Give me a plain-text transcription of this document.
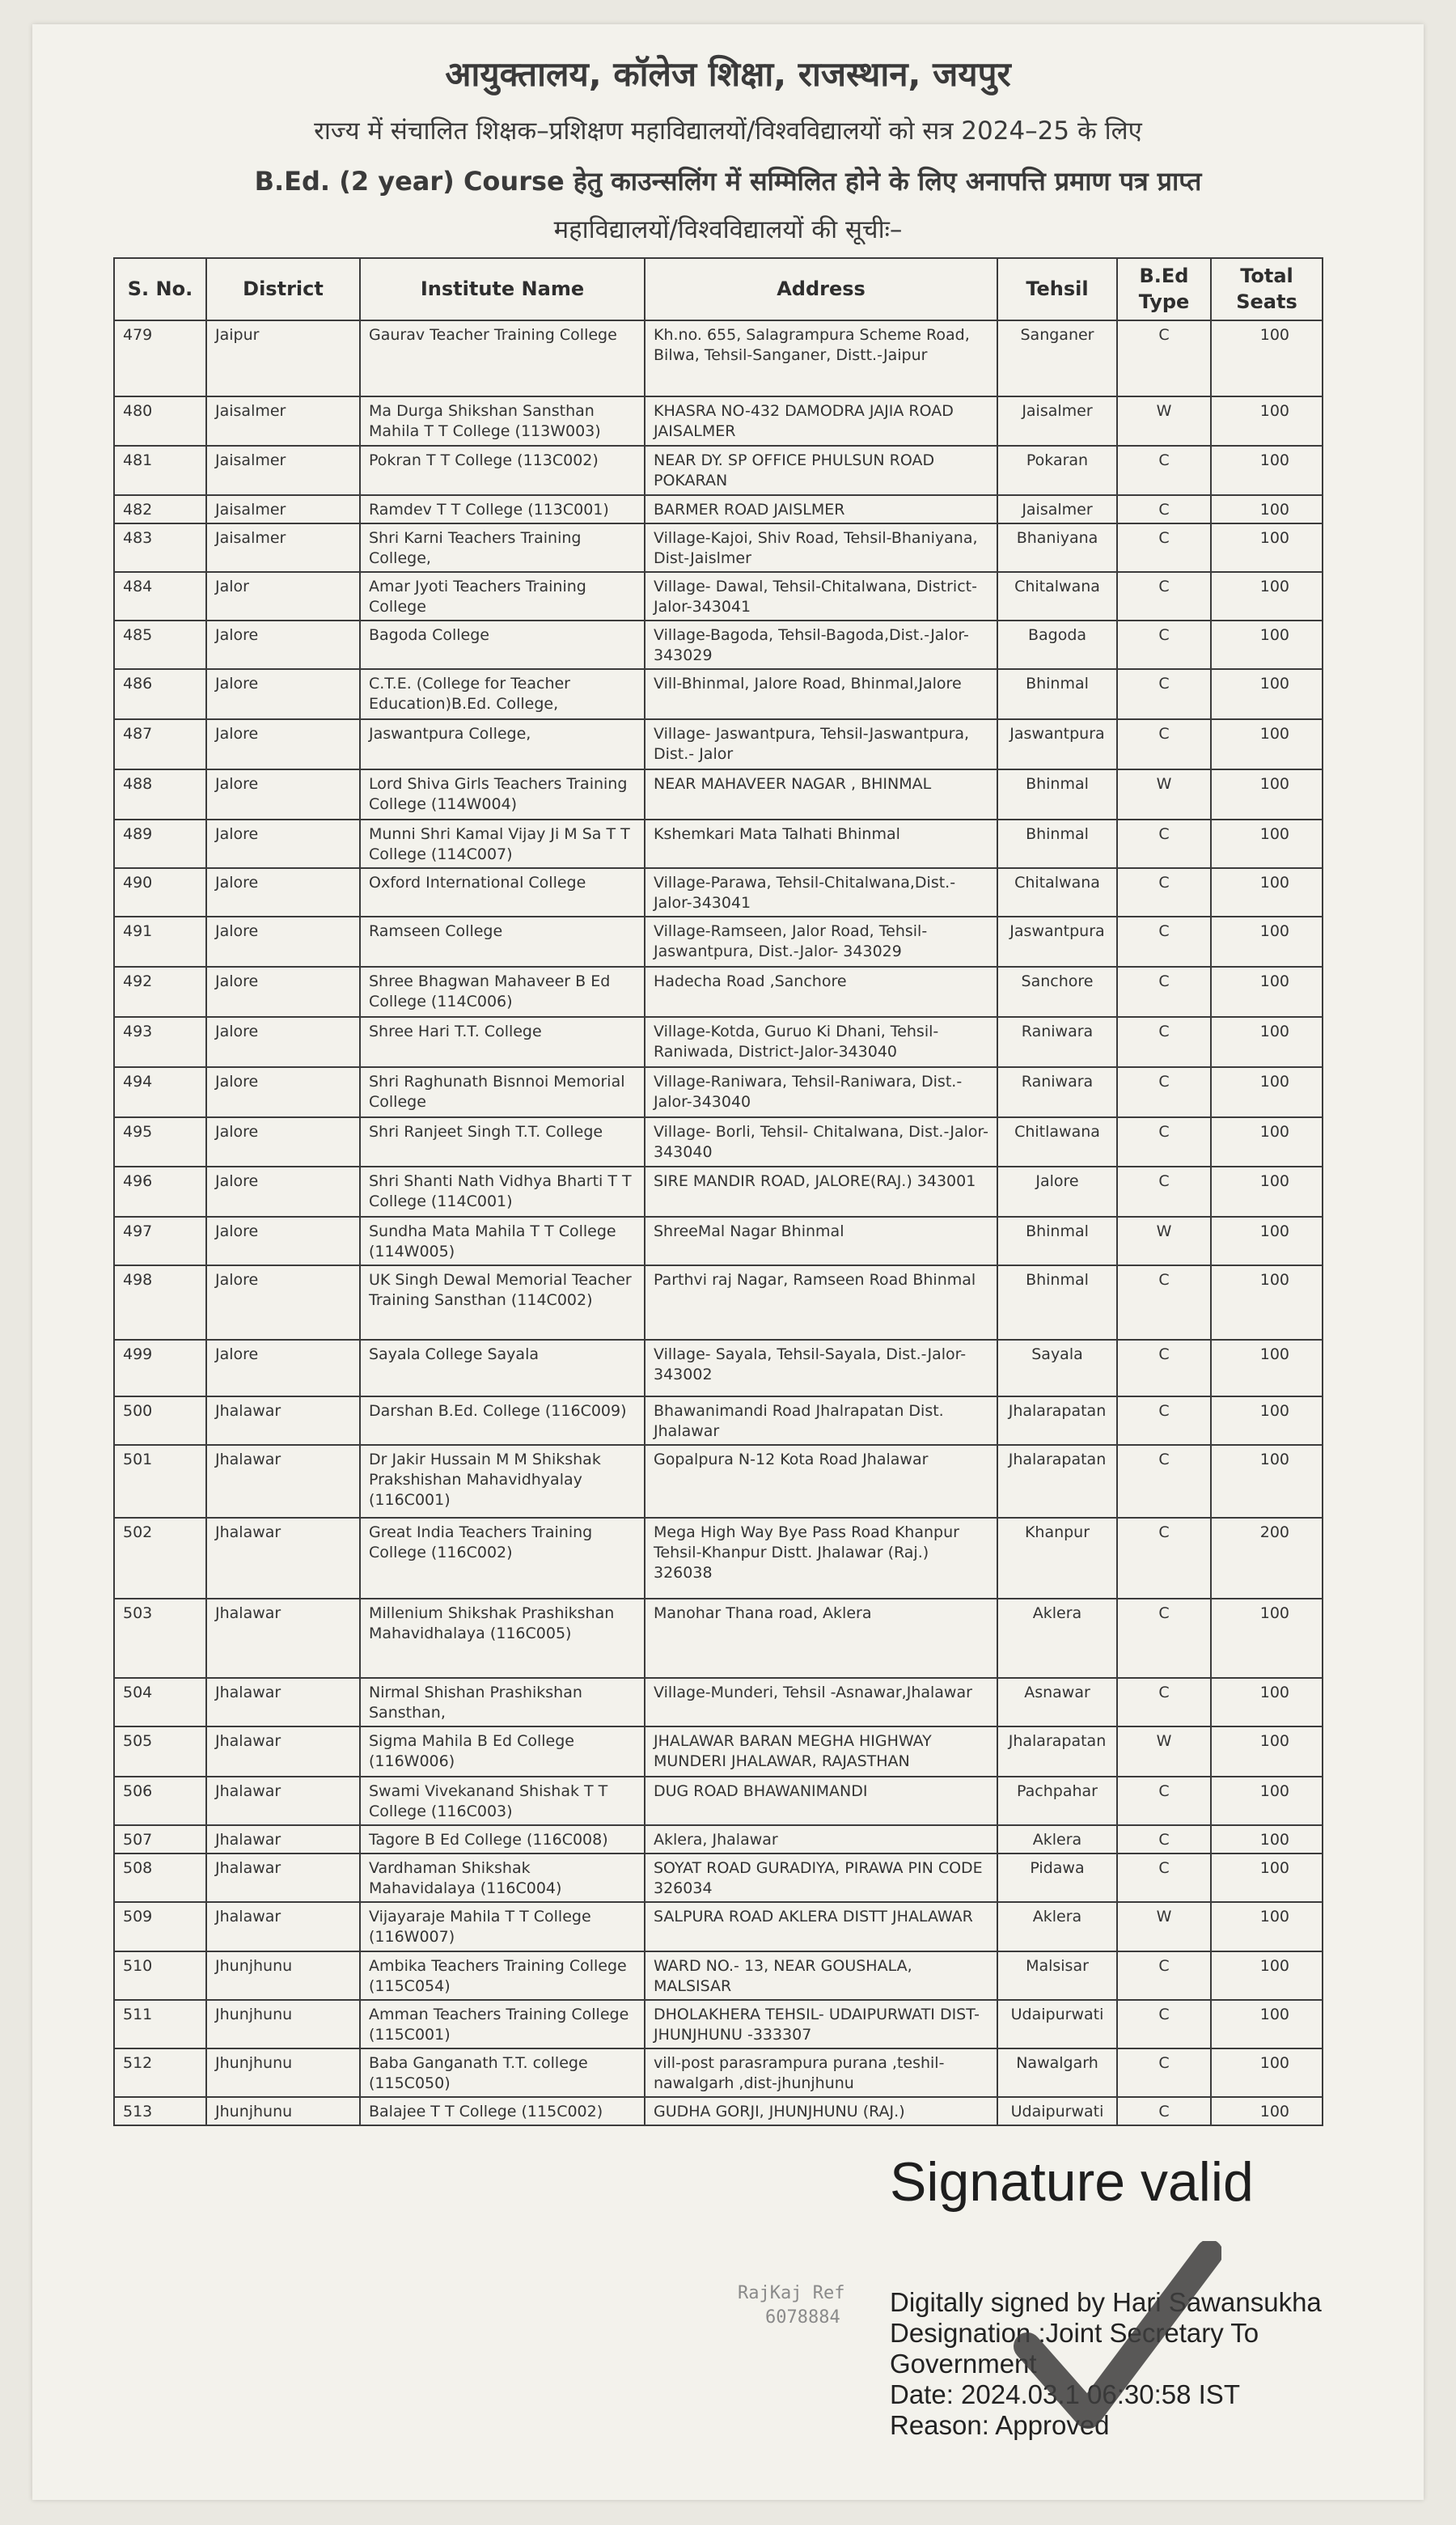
आयुक्तालय, कॉलेज शिक्षा, राजस्थान, जयपुर
राज्य में संचालित शिक्षक–प्रशिक्षण महाविद्यालयों/विश्वविद्यालयों को सत्र 2024–25 के लिए
B.Ed. (2 year) Course हेतु काउन्सलिंग में सम्मिलित होने के लिए अनापत्ति प्रमाण पत्र प्राप्त
महाविद्यालयों/विश्वविद्यालयों की सूचीः–
S. No.	District	Institute Name	Address	Tehsil	B.Ed Type	Total Seats
479	Jaipur	Gaurav Teacher Training College	Kh.no. 655, Salagrampura Scheme Road, Bilwa, Tehsil-Sanganer, Distt.-Jaipur	Sanganer	C	100
480	Jaisalmer	Ma Durga Shikshan Sansthan Mahila T T College (113W003)	KHASRA NO-432 DAMODRA JAJIA ROAD JAISALMER	Jaisalmer	W	100
481	Jaisalmer	Pokran T T College (113C002)	NEAR DY. SP OFFICE PHULSUN ROAD POKARAN	Pokaran	C	100
482	Jaisalmer	Ramdev T T College (113C001)	BARMER ROAD JAISLMER	Jaisalmer	C	100
483	Jaisalmer	Shri Karni Teachers Training College,	Village-Kajoi, Shiv Road, Tehsil-Bhaniyana, Dist-Jaislmer	Bhaniyana	C	100
484	Jalor	Amar Jyoti Teachers Training College	Village- Dawal, Tehsil-Chitalwana, District-Jalor-343041	Chitalwana	C	100
485	Jalore	Bagoda College	Village-Bagoda, Tehsil-Bagoda,Dist.-Jalor-343029	Bagoda	C	100
486	Jalore	C.T.E. (College for Teacher Education)B.Ed. College,	Vill-Bhinmal, Jalore Road, Bhinmal,Jalore	Bhinmal	C	100
487	Jalore	Jaswantpura College,	Village- Jaswantpura, Tehsil-Jaswantpura, Dist.- Jalor	Jaswantpura	C	100
488	Jalore	Lord Shiva Girls Teachers Training College (114W004)	NEAR MAHAVEER NAGAR , BHINMAL	Bhinmal	W	100
489	Jalore	Munni Shri Kamal Vijay Ji M Sa T T College (114C007)	Kshemkari Mata Talhati Bhinmal	Bhinmal	C	100
490	Jalore	Oxford International College	Village-Parawa, Tehsil-Chitalwana,Dist.-Jalor-343041	Chitalwana	C	100
491	Jalore	Ramseen College	Village-Ramseen, Jalor Road, Tehsil-Jaswantpura, Dist.-Jalor- 343029	Jaswantpura	C	100
492	Jalore	Shree Bhagwan Mahaveer B Ed College (114C006)	Hadecha Road ,Sanchore	Sanchore	C	100
493	Jalore	Shree Hari T.T. College	Village-Kotda, Guruo Ki Dhani, Tehsil-Raniwada, District-Jalor-343040	Raniwara	C	100
494	Jalore	Shri Raghunath Bisnnoi Memorial College	Village-Raniwara, Tehsil-Raniwara, Dist.-Jalor-343040	Raniwara	C	100
495	Jalore	Shri Ranjeet Singh T.T. College	Village- Borli, Tehsil- Chitalwana, Dist.-Jalor-343040	Chitlawana	C	100
496	Jalore	Shri Shanti Nath Vidhya Bharti T T College (114C001)	SIRE MANDIR ROAD, JALORE(RAJ.) 343001	Jalore	C	100
497	Jalore	Sundha Mata Mahila T T College (114W005)	ShreeMal Nagar Bhinmal	Bhinmal	W	100
498	Jalore	UK Singh Dewal Memorial Teacher Training Sansthan (114C002)	Parthvi raj Nagar, Ramseen Road Bhinmal	Bhinmal	C	100
499	Jalore	Sayala College Sayala	Village- Sayala, Tehsil-Sayala, Dist.-Jalor- 343002	Sayala	C	100
500	Jhalawar	Darshan B.Ed. College (116C009)	Bhawanimandi Road Jhalrapatan Dist. Jhalawar	Jhalarapatan	C	100
501	Jhalawar	Dr Jakir Hussain M M Shikshak Prakshishan Mahavidhyalay (116C001)	Gopalpura N-12 Kota Road Jhalawar	Jhalarapatan	C	100
502	Jhalawar	Great India Teachers Training College (116C002)	Mega High Way Bye Pass Road Khanpur Tehsil-Khanpur Distt. Jhalawar (Raj.) 326038	Khanpur	C	200
503	Jhalawar	Millenium Shikshak Prashikshan Mahavidhalaya (116C005)	Manohar Thana road, Aklera	Aklera	C	100
504	Jhalawar	Nirmal Shishan Prashikshan Sansthan,	Village-Munderi, Tehsil -Asnawar,Jhalawar	Asnawar	C	100
505	Jhalawar	Sigma Mahila B Ed College (116W006)	JHALAWAR BARAN MEGHA HIGHWAY MUNDERI JHALAWAR, RAJASTHAN	Jhalarapatan	W	100
506	Jhalawar	Swami Vivekanand Shishak T T College (116C003)	DUG ROAD BHAWANIMANDI	Pachpahar	C	100
507	Jhalawar	Tagore B Ed College (116C008)	Aklera, Jhalawar	Aklera	C	100
508	Jhalawar	Vardhaman Shikshak Mahavidalaya (116C004)	SOYAT ROAD GURADIYA, PIRAWA PIN CODE 326034	Pidawa	C	100
509	Jhalawar	Vijayaraje Mahila T T College (116W007)	SALPURA ROAD AKLERA DISTT JHALAWAR	Aklera	W	100
510	Jhunjhunu	Ambika Teachers Training College (115C054)	WARD NO.- 13, NEAR GOUSHALA, MALSISAR	Malsisar	C	100
511	Jhunjhunu	Amman Teachers Training College (115C001)	DHOLAKHERA TEHSIL- UDAIPURWATI DIST- JHUNJHUNU -333307	Udaipurwati	C	100
512	Jhunjhunu	Baba Ganganath T.T. college (115C050)	vill-post parasrampura purana ,teshil-nawalgarh ,dist-jhunjhunu	Nawalgarh	C	100
513	Jhunjhunu	Balajee T T College (115C002)	GUDHA GORJI, JHUNJHUNU (RAJ.)	Udaipurwati	C	100
RajKaj Ref
6078884
Signature valid
Digitally signed by Hari Sawansukha
Designation :Joint Secretary To
Government
Date: 2024.03.1 06:30:58 IST
Reason: Approved
